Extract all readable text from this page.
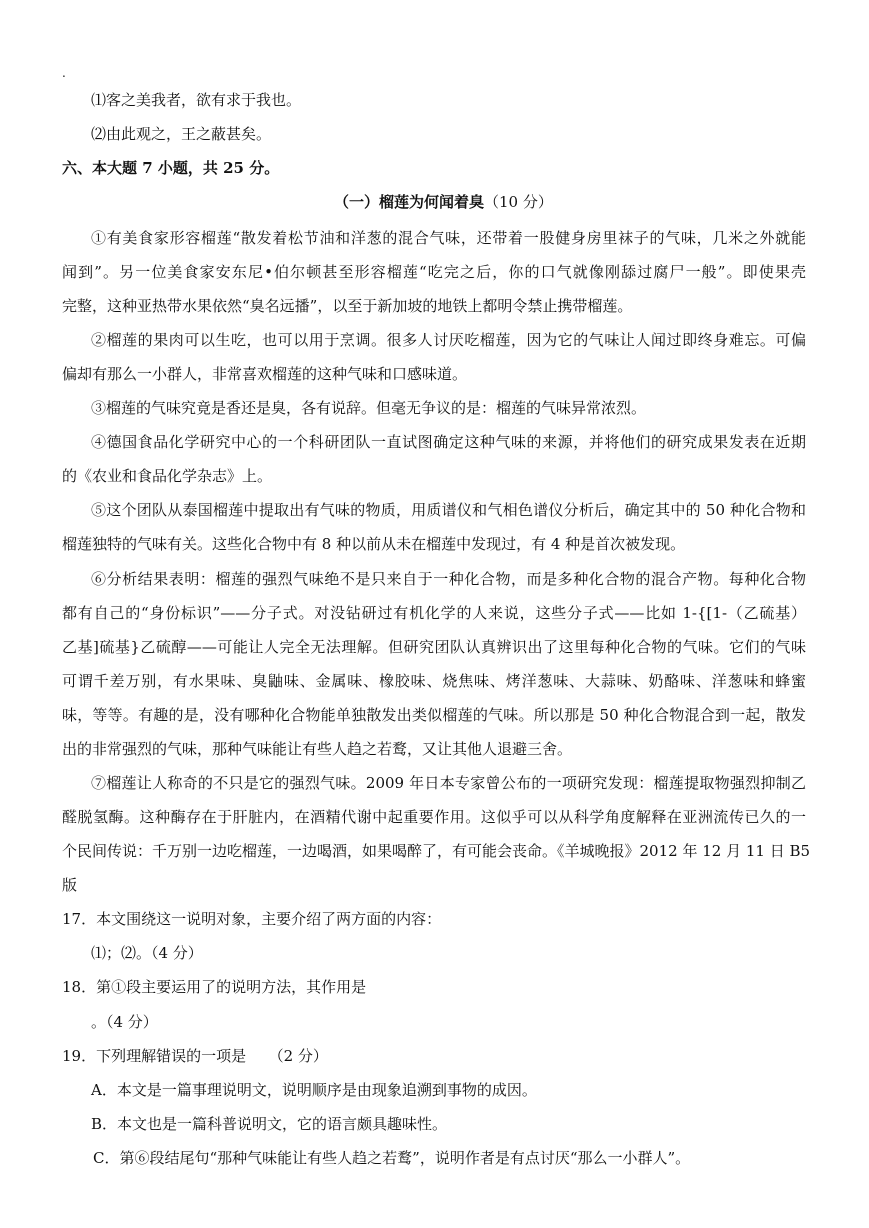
.
⑴客之美我者，欲有求于我也。
⑵由此观之，王之蔽甚矣。
六、本大题 7 小题，共 25 分。
（一）榴莲为何闻着臭（10 分）
①有美食家形容榴莲“散发着松节油和洋葱的混合气味，还带着一股健身房里袜子的气味，几米之外就能
闻到”。另一位美食家安东尼•伯尔顿甚至形容榴莲“吃完之后，你的口气就像刚舔过腐尸一般”。即使果壳
完整，这种亚热带水果依然“臭名远播”，以至于新加坡的地铁上都明令禁止携带榴莲。
②榴莲的果肉可以生吃，也可以用于烹调。很多人讨厌吃榴莲，因为它的气味让人闻过即终身难忘。可偏
偏却有那么一小群人，非常喜欢榴莲的这种气味和口感味道。
③榴莲的气味究竟是香还是臭，各有说辞。但毫无争议的是：榴莲的气味异常浓烈。
④德国食品化学研究中心的一个科研团队一直试图确定这种气味的来源，并将他们的研究成果发表在近期
的《农业和食品化学杂志》上。
⑤这个团队从泰国榴莲中提取出有气味的物质，用质谱仪和气相色谱仪分析后，确定其中的 50 种化合物和
榴莲独特的气味有关。这些化合物中有 8 种以前从未在榴莲中发现过，有 4 种是首次被发现。
⑥分析结果表明：榴莲的强烈气味绝不是只来自于一种化合物，而是多种化合物的混合产物。每种化合物
都有自己的“身份标识”——分子式。对没钻研过有机化学的人来说，这些分子式——比如 1-{[1-（乙硫基）
乙基]硫基}乙硫醇——可能让人完全无法理解。但研究团队认真辨识出了这里每种化合物的气味。它们的气味
可谓千差万别，有水果味、臭鼬味、金属味、橡胶味、烧焦味、烤洋葱味、大蒜味、奶酪味、洋葱味和蜂蜜
味，等等。有趣的是，没有哪种化合物能单独散发出类似榴莲的气味。所以那是 50 种化合物混合到一起，散发
出的非常强烈的气味，那种气味能让有些人趋之若鹜，又让其他人退避三舍。
⑦榴莲让人称奇的不只是它的强烈气味。2009 年日本专家曾公布的一项研究发现：榴莲提取物强烈抑制乙
醛脱氢酶。这种酶存在于肝脏内，在酒精代谢中起重要作用。这似乎可以从科学角度解释在亚洲流传已久的一
个民间传说：千万别一边吃榴莲，一边喝酒，如果喝醉了，有可能会丧命。《羊城晚报》2012 年 12 月 11 日 B5
版
17．本文围绕这一说明对象，主要介绍了两方面的内容：
⑴；⑵。（4 分）
18．第①段主要运用了的说明方法，其作用是
。（4 分）
19．下列理解错误的一项是　　（2 分）
A．本文是一篇事理说明文，说明顺序是由现象追溯到事物的成因。
B．本文也是一篇科普说明文，它的语言颇具趣味性。
C．第⑥段结尾句“那种气味能让有些人趋之若鹜”，说明作者是有点讨厌“那么一小群人”。
